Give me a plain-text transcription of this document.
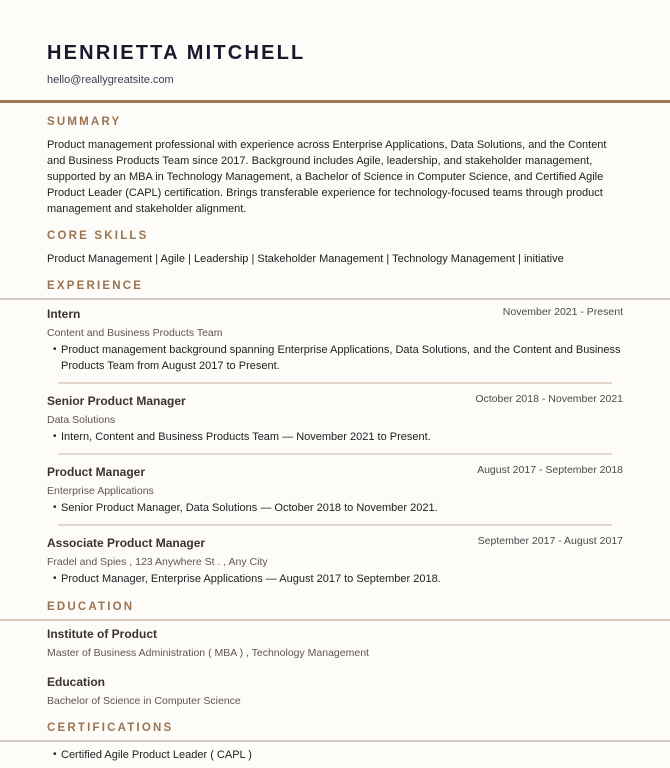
HENRIETTA MITCHELL
hello@reallygreatsite.com
SUMMARY
Product management professional with experience across Enterprise Applications, Data Solutions, and the Content and Business Products Team since 2017. Background includes Agile, leadership, and stakeholder management, supported by an MBA in Technology Management, a Bachelor of Science in Computer Science, and Certified Agile Product Leader (CAPL) certification. Brings transferable experience for technology-focused teams through product management and stakeholder alignment.
CORE SKILLS
Product Management | Agile | Leadership | Stakeholder Management | Technology Management | initiative
EXPERIENCE
Intern	November 2021 - Present
Content and Business Products Team
• Product management background spanning Enterprise Applications, Data Solutions, and the Content and Business Products Team from August 2017 to Present.
Senior Product Manager	October 2018 - November 2021
Data Solutions
• Intern, Content and Business Products Team — November 2021 to Present.
Product Manager	August 2017 - September 2018
Enterprise Applications
• Senior Product Manager, Data Solutions — October 2018 to November 2021.
Associate Product Manager	September 2017 - August 2017
Fradel and Spies , 123 Anywhere St . , Any City
• Product Manager, Enterprise Applications — August 2017 to September 2018.
EDUCATION
Institute of Product
Master of Business Administration ( MBA ) , Technology Management
Education
Bachelor of Science in Computer Science
CERTIFICATIONS
• Certified Agile Product Leader ( CAPL )
